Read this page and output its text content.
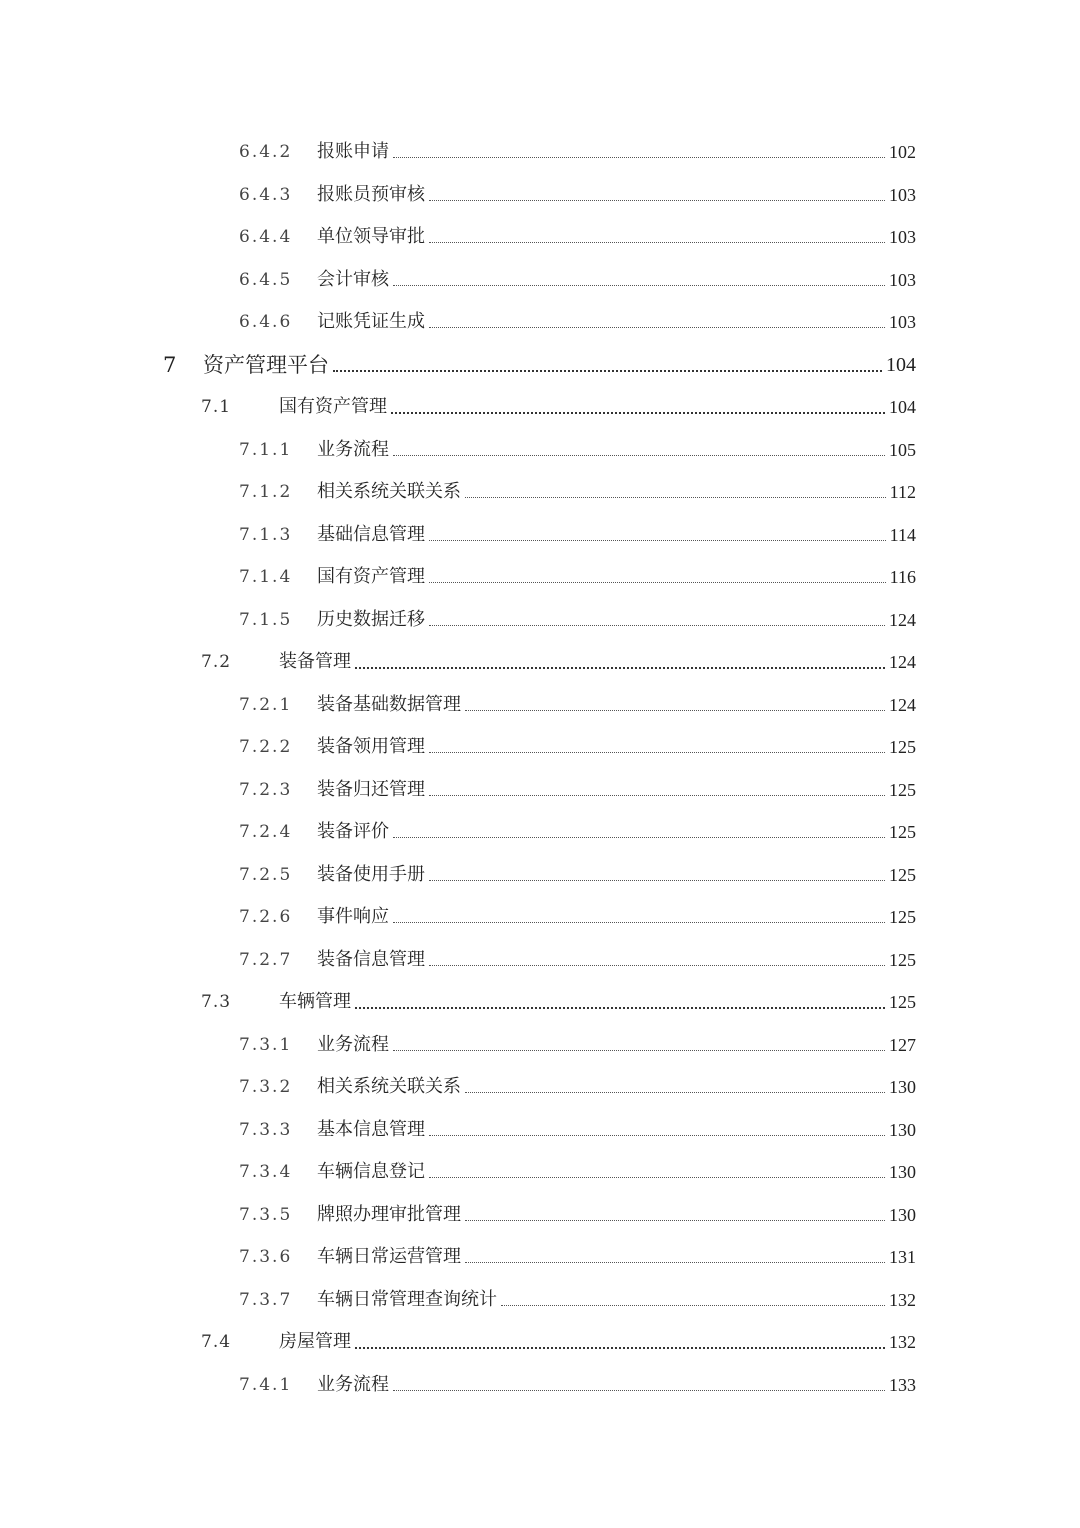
6.4.2 报账申请	102
6.4.3 报账员预审核	103
6.4.4 单位领导审批	103
6.4.5 会计审核	103
6.4.6 记账凭证生成	103
7 资产管理平台	104
7.1	国有资产管理	104
7.1.1 业务流程	105
7.1.2 相关系统关联关系	112
7.1.3 基础信息管理	114
7.1.4 国有资产管理	116
7.1.5 历史数据迁移	124
7.2	装备管理	124
7.2.1 装备基础数据管理	124
7.2.2 装备领用管理	125
7.2.3 装备归还管理	125
7.2.4 装备评价	125
7.2.5 装备使用手册	125
7.2.6 事件响应	125
7.2.7 装备信息管理	125
7.3	车辆管理	125
7.3.1 业务流程	127
7.3.2 相关系统关联关系	130
7.3.3 基本信息管理	130
7.3.4 车辆信息登记	130
7.3.5 牌照办理审批管理	130
7.3.6 车辆日常运营管理	131
7.3.7 车辆日常管理查询统计	132
7.4	房屋管理	132
7.4.1 业务流程	133
